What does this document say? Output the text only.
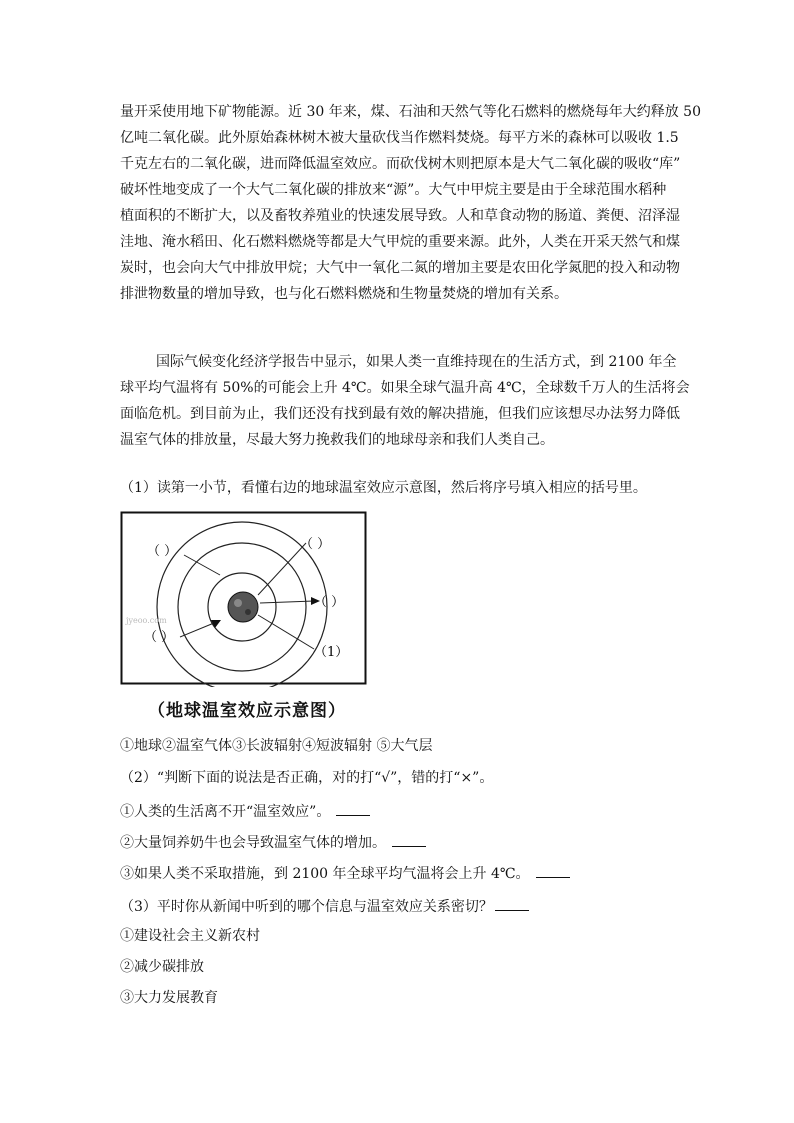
量开采使用地下矿物能源。近 30 年来，煤、石油和天然气等化石燃料的燃烧每年大约释放 50
亿吨二氧化碳。此外原始森林树木被大量砍伐当作燃料焚烧。每平方米的森林可以吸收 1.5
千克左右的二氧化碳，进而降低温室效应。而砍伐树木则把原本是大气二氧化碳的吸收“库”
破坏性地变成了一个大气二氧化碳的排放来“源”。大气中甲烷主要是由于全球范围水稻种
植面积的不断扩大，以及畜牧养殖业的快速发展导致。人和草食动物的肠道、粪便、沼泽湿
洼地、淹水稻田、化石燃料燃烧等都是大气甲烷的重要来源。此外，人类在开采天然气和煤
炭时，也会向大气中排放甲烷；大气中一氧化二氮的增加主要是农田化学氮肥的投入和动物
排泄物数量的增加导致，也与化石燃料燃烧和生物量焚烧的增加有关系。

国际气候变化经济学报告中显示，如果人类一直维持现在的生活方式，到 2100 年全
球平均气温将有 50%的可能会上升 4℃。如果全球气温升高 4℃，全球数千万人的生活将会
面临危机。到目前为止，我们还没有找到最有效的解决措施，但我们应该想尽办法努力降低
温室气体的排放量，尽最大努力挽救我们的地球母亲和我们人类自己。

（1）读第一小节，看懂右边的地球温室效应示意图，然后将序号填入相应的括号里。
（ ）	（ ）
（ ）
（ ）
（1）
jyeoo.com
（地球温室效应示意图）
①地球②温室气体③长波辐射④短波辐射 ⑤大气层
（2）“判断下面的说法是否正确，对的打“√”，错的打“×”。
①人类的生活离不开“温室效应”。
②大量饲养奶牛也会导致温室气体的增加。
③如果人类不采取措施，到 2100 年全球平均气温将会上升 4℃。
（3）平时你从新闻中听到的哪个信息与温室效应关系密切？
①建设社会主义新农村
②减少碳排放
③大力发展教育
